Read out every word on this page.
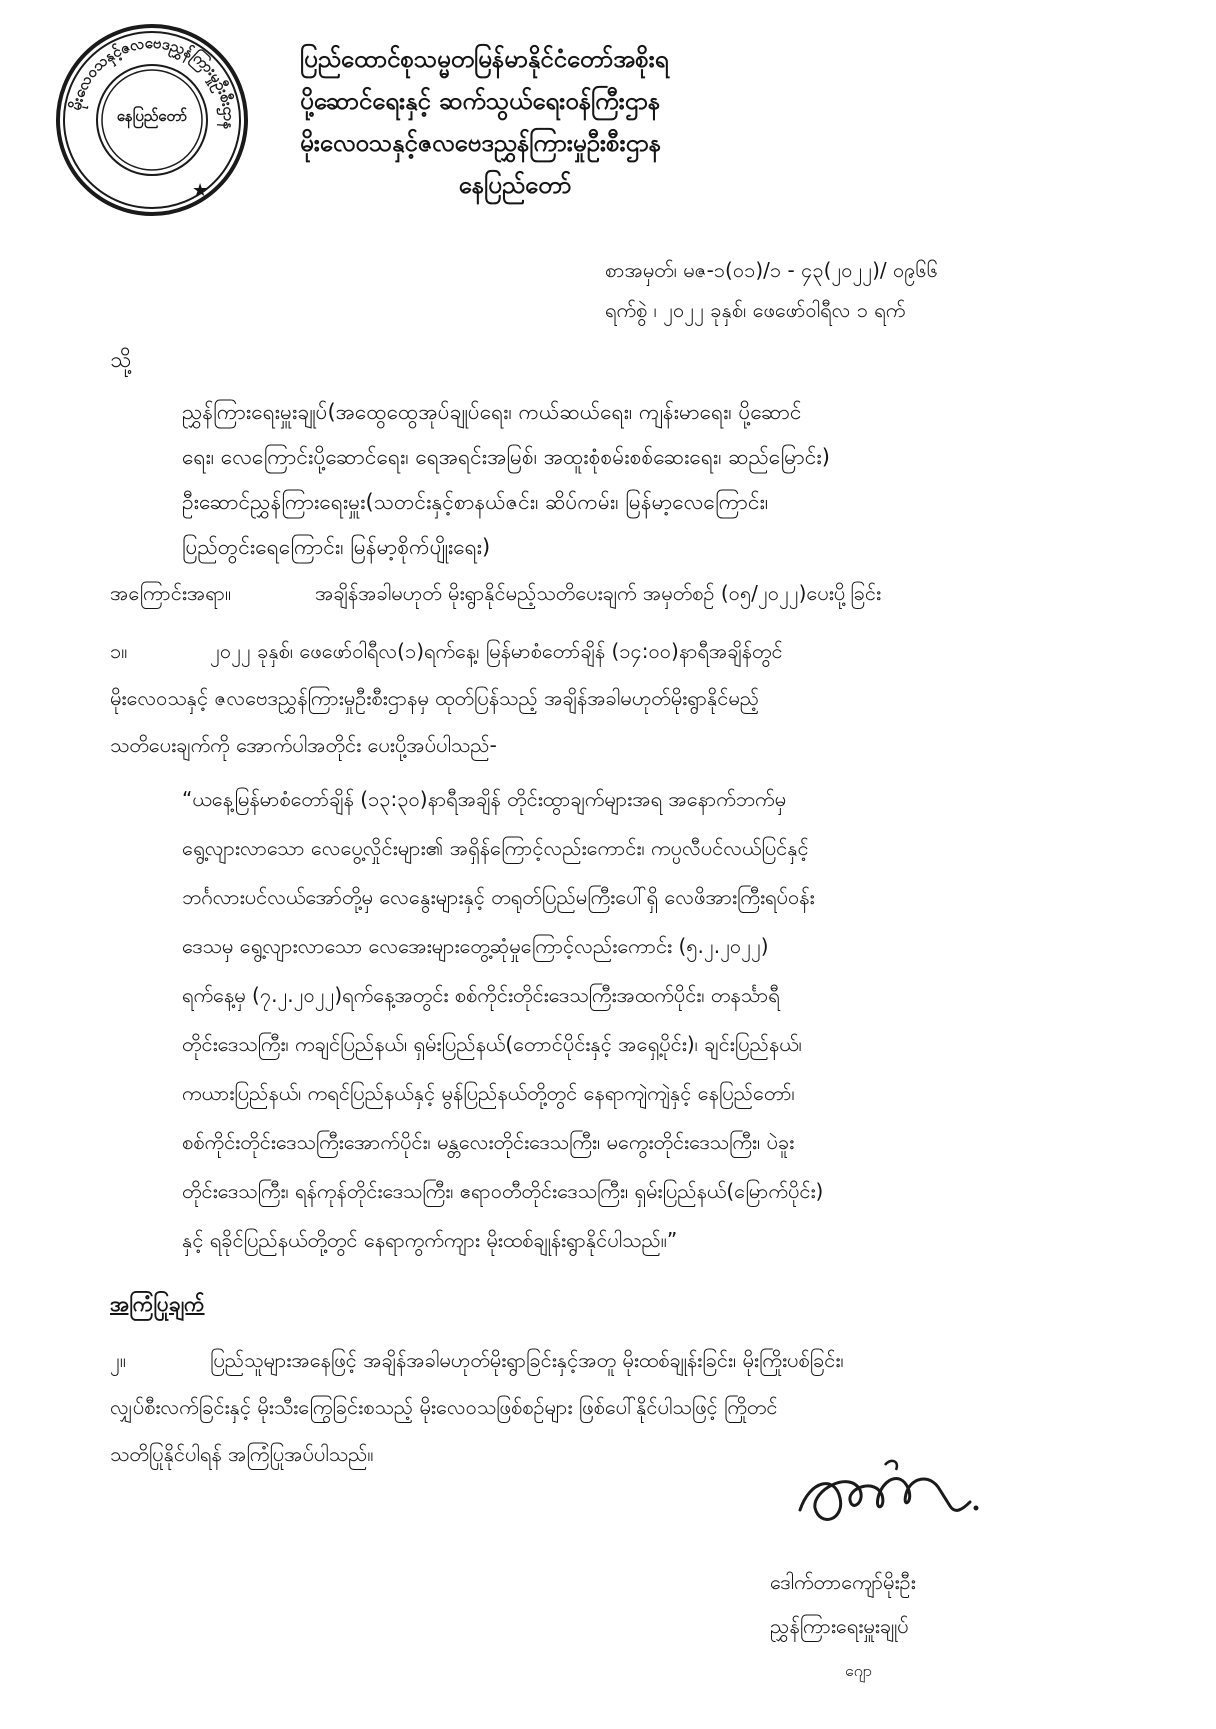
မိုးလေဝသနှင့်ဇလဗေဒညွှန်ကြားမှုဦးစီးဌာန
နေပြည်တော်
★
ပြည်ထောင်စုသမ္မတမြန်မာနိုင်ငံတော်အစိုးရ
ပို့ဆောင်ရေးနှင့် ဆက်သွယ်ရေးဝန်ကြီးဌာန
မိုးလေဝသနှင့်ဇလဗေဒညွှန်ကြားမှုဦးစီးဌာန
နေပြည်တော်
စာအမှတ်၊ မဇ-၁(၀၁)/၁ - ၄၃(၂၀၂၂)/ ၀၉၆၆
ရက်စွဲ ၊ ၂၀၂၂ ခုနှစ်၊ ဖေဖော်ဝါရီလ ၁ ရက်
သို့
ညွှန်ကြားရေးမှူးချုပ်(အထွေထွေအုပ်ချုပ်ရေး၊ ကယ်ဆယ်ရေး၊ ကျန်းမာရေး၊ ပို့ဆောင်
ရေး၊ လေကြောင်းပို့ဆောင်ရေး၊ ရေအရင်းအမြစ်၊ အထူးစုံစမ်းစစ်ဆေးရေး၊ ဆည်မြောင်း)
ဦးဆောင်ညွှန်ကြားရေးမှူး(သတင်းနှင့်စာနယ်ဇင်း၊ ဆိပ်ကမ်း၊ မြန်မာ့လေကြောင်း၊
ပြည်တွင်းရေကြောင်း၊ မြန်မာ့စိုက်ပျိုးရေး)
အကြောင်းအရာ။	အချိန်အခါမဟုတ် မိုးရွာနိုင်မည့်သတိပေးချက် အမှတ်စဉ် (၀၅/၂၀၂၂)ပေးပို့ခြင်း
၁။	၂၀၂၂ ခုနှစ်၊ ဖေဖော်ဝါရီလ(၁)ရက်နေ့၊ မြန်မာစံတော်ချိန် (၁၄:၀၀)နာရီအချိန်တွင်
မိုးလေဝသနှင့် ဇလဗေဒညွှန်ကြားမှုဦးစီးဌာနမှ ထုတ်ပြန်သည့် အချိန်အခါမဟုတ်မိုးရွာနိုင်မည့်
သတိပေးချက်ကို အောက်ပါအတိုင်း ပေးပို့အပ်ပါသည်-
“ယနေ့မြန်မာစံတော်ချိန် (၁၃:၃၀)နာရီအချိန် တိုင်းထွာချက်များအရ အနောက်ဘက်မှ
ရွေ့လျားလာသော လေပွေ့လှိုင်းများ၏ အရှိန်ကြောင့်လည်းကောင်း၊ ကပ္ပလီပင်လယ်ပြင်နှင့်
ဘင်္ဂလားပင်လယ်အော်တို့မှ လေနွေးများနှင့် တရုတ်ပြည်မကြီးပေါ်ရှိ လေဖိအားကြီးရပ်ဝန်း
ဒေသမှ ရွေ့လျားလာသော လေအေးများတွေ့ဆုံမှုကြောင့်လည်းကောင်း (၅.၂.၂၀၂၂)
ရက်နေ့မှ (၇.၂.၂၀၂၂)ရက်နေ့အတွင်း စစ်ကိုင်းတိုင်းဒေသကြီးအထက်ပိုင်း၊ တနင်္သာရီ
တိုင်းဒေသကြီး၊ ကချင်ပြည်နယ်၊ ရှမ်းပြည်နယ်(တောင်ပိုင်းနှင့် အရှေ့ပိုင်း)၊ ချင်းပြည်နယ်၊
ကယားပြည်နယ်၊ ကရင်ပြည်နယ်နှင့် မွန်ပြည်နယ်တို့တွင် နေရာကျဲကျဲနှင့် နေပြည်တော်၊
စစ်ကိုင်းတိုင်းဒေသကြီးအောက်ပိုင်း၊ မန္တလေးတိုင်းဒေသကြီး၊ မကွေးတိုင်းဒေသကြီး၊ ပဲခူး
တိုင်းဒေသကြီး၊ ရန်ကုန်တိုင်းဒေသကြီး၊ ဧရာဝတီတိုင်းဒေသကြီး၊ ရှမ်းပြည်နယ်(မြောက်ပိုင်း)
နှင့် ရခိုင်ပြည်နယ်တို့တွင် နေရာကွက်ကျား မိုးထစ်ချုန်းရွာနိုင်ပါသည်။”
အကြံပြုချက်
၂။	ပြည်သူများအနေဖြင့် အချိန်အခါမဟုတ်မိုးရွာခြင်းနှင့်အတူ မိုးထစ်ချုန်းခြင်း၊ မိုးကြိုးပစ်ခြင်း၊
လျှပ်စီးလက်ခြင်းနှင့် မိုးသီးကြွေခြင်းစသည့် မိုးလေဝသဖြစ်စဉ်များ ဖြစ်ပေါ်နိုင်ပါသဖြင့် ကြိုတင်
သတိပြုနိုင်ပါရန် အကြံပြုအပ်ပါသည်။
ဒေါက်တာကျော်မိုးဦး
ညွှန်ကြားရေးမှူးချုပ်
ဂျော
